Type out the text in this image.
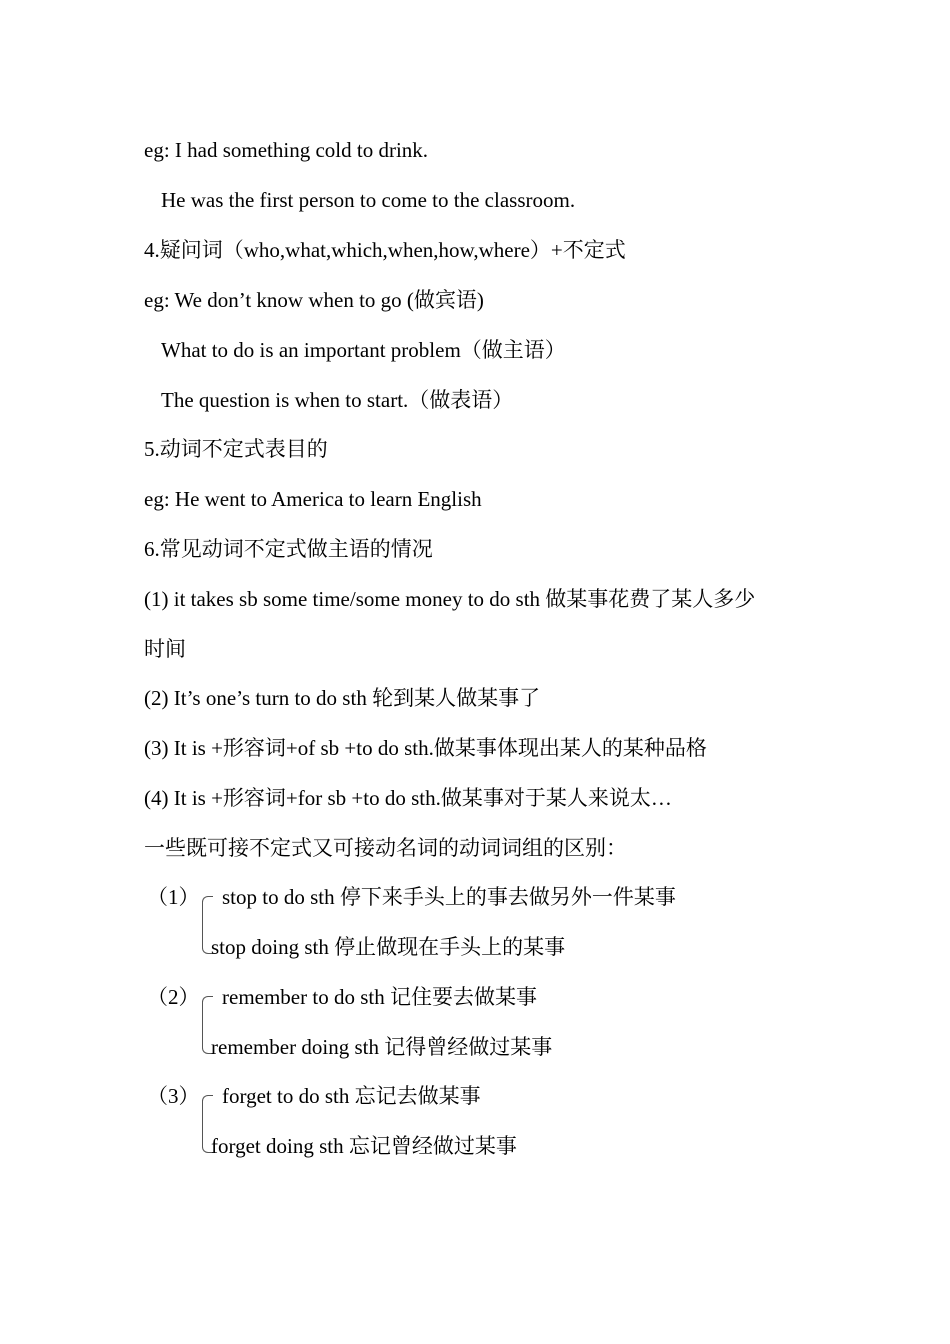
eg: I had something cold to drink.
He was the first person to come to the classroom.
4.疑问词（who,what,which,when,how,where）+不定式
eg: We don’t know when to go (做宾语)
What to do is an important problem（做主语）
The question is when to start.（做表语）
5.动词不定式表目的
eg: He went to America to learn English
6.常见动词不定式做主语的情况
(1) it takes sb some time/some money to do sth 做某事花费了某人多少
时间
(2) It’s one’s turn to do sth 轮到某人做某事了
(3) It is +形容词+of sb +to do sth.做某事体现出某人的某种品格
(4) It is +形容词+for sb +to do sth.做某事对于某人来说太…
一些既可接不定式又可接动名词的动词词组的区别：
（1） stop to do sth 停下来手头上的事去做另外一件某事
stop doing sth 停止做现在手头上的某事
（2） remember to do sth 记住要去做某事
remember doing sth 记得曾经做过某事
（3） forget to do sth 忘记去做某事
forget doing sth 忘记曾经做过某事
